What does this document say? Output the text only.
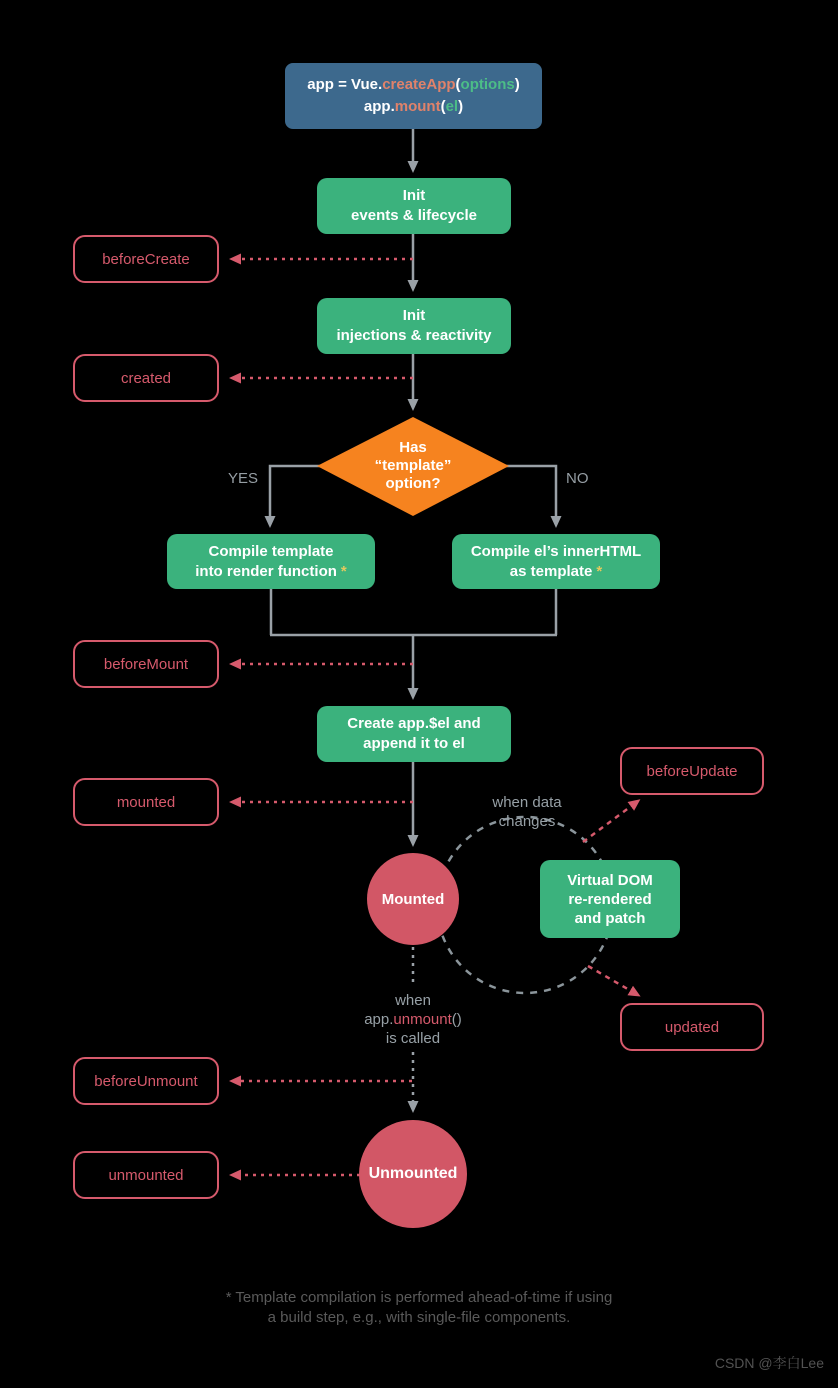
app = Vue.createApp(options)
app.mount(el)
Init
events & lifecycle
Init
injections & reactivity
Compile template
into render function *
Compile el’s innerHTML
as template *
Create app.$el and
append it to el
Virtual DOM
re-rendered
and patch
Has
“template”
option?
YES	NO
beforeCreate
created
beforeMount
mounted
beforeUpdate
updated
beforeUnmount
unmounted
Mounted
Unmounted
when data
changes
when
app.unmount()
is called
* Template compilation is performed ahead-of-time if using
a build step, e.g., with single-file components.
CSDN @李白Lee
